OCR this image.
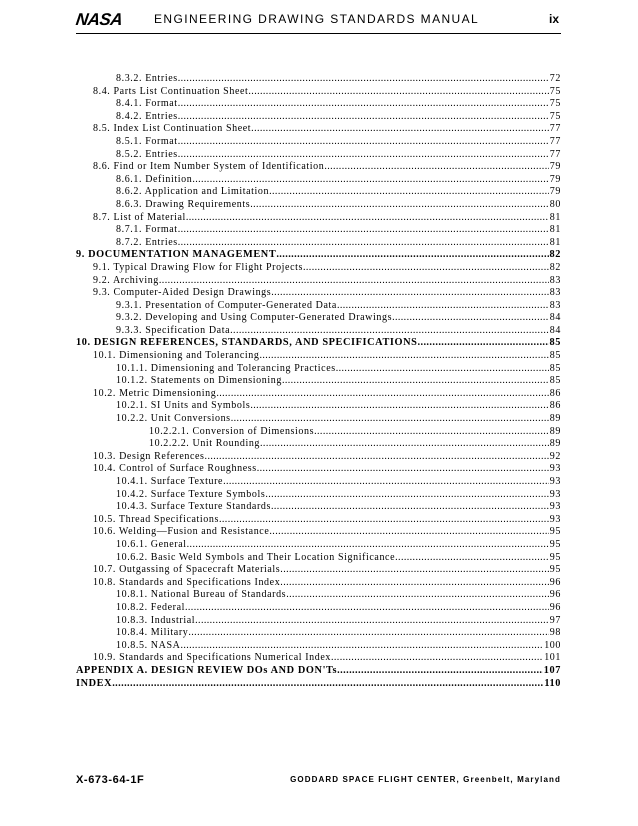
NASA	ENGINEERING DRAWING STANDARDS MANUAL	ix
8.3.2. Entries .....	72
8.4. Parts List Continuation Sheet .....	75
8.4.1. Format .....	75
8.4.2. Entries .....	75
8.5. Index List Continuation Sheet .....	77
8.5.1. Format .....	77
8.5.2. Entries .....	77
8.6. Find or Item Number System of Identification .....	79
8.6.1. Definition .....	79
8.6.2. Application and Limitation .....	79
8.6.3. Drawing Requirements .....	80
8.7. List of Material .....	81
8.7.1. Format .....	81
8.7.2. Entries .....	81
9. DOCUMENTATION MANAGEMENT .....	82
9.1. Typical Drawing Flow for Flight Projects .....	82
9.2. Archiving .....	83
9.3. Computer-Aided Design Drawings .....	83
9.3.1. Presentation of Computer-Generated Data .....	83
9.3.2. Developing and Using Computer-Generated Drawings .....	84
9.3.3. Specification Data .....	84
10. DESIGN REFERENCES, STANDARDS, AND SPECIFICATIONS .....	85
10.1. Dimensioning and Tolerancing .....	85
10.1.1. Dimensioning and Tolerancing Practices .....	85
10.1.2. Statements on Dimensioning .....	85
10.2. Metric Dimensioning .....	86
10.2.1. SI Units and Symbols .....	86
10.2.2. Unit Conversions .....	89
10.2.2.1. Conversion of Dimensions .....	89
10.2.2.2. Unit Rounding .....	89
10.3. Design References .....	92
10.4. Control of Surface Roughness .....	93
10.4.1. Surface Texture .....	93
10.4.2. Surface Texture Symbols .....	93
10.4.3. Surface Texture Standards .....	93
10.5. Thread Specifications .....	93
10.6. Welding—Fusion and Resistance .....	95
10.6.1. General .....	95
10.6.2. Basic Weld Symbols and Their Location Significance .....	95
10.7. Outgassing of Spacecraft Materials .....	95
10.8. Standards and Specifications Index .....	96
10.8.1. National Bureau of Standards .....	96
10.8.2. Federal .....	96
10.8.3. Industrial .....	97
10.8.4. Military .....	98
10.8.5. NASA .....	100
10.9. Standards and Specifications Numerical Index .....	101
APPENDIX A. DESIGN REVIEW DOs AND DON'Ts .....	107
INDEX .....	110
X-673-64-1F	GODDARD SPACE FLIGHT CENTER, Greenbelt, Maryland
